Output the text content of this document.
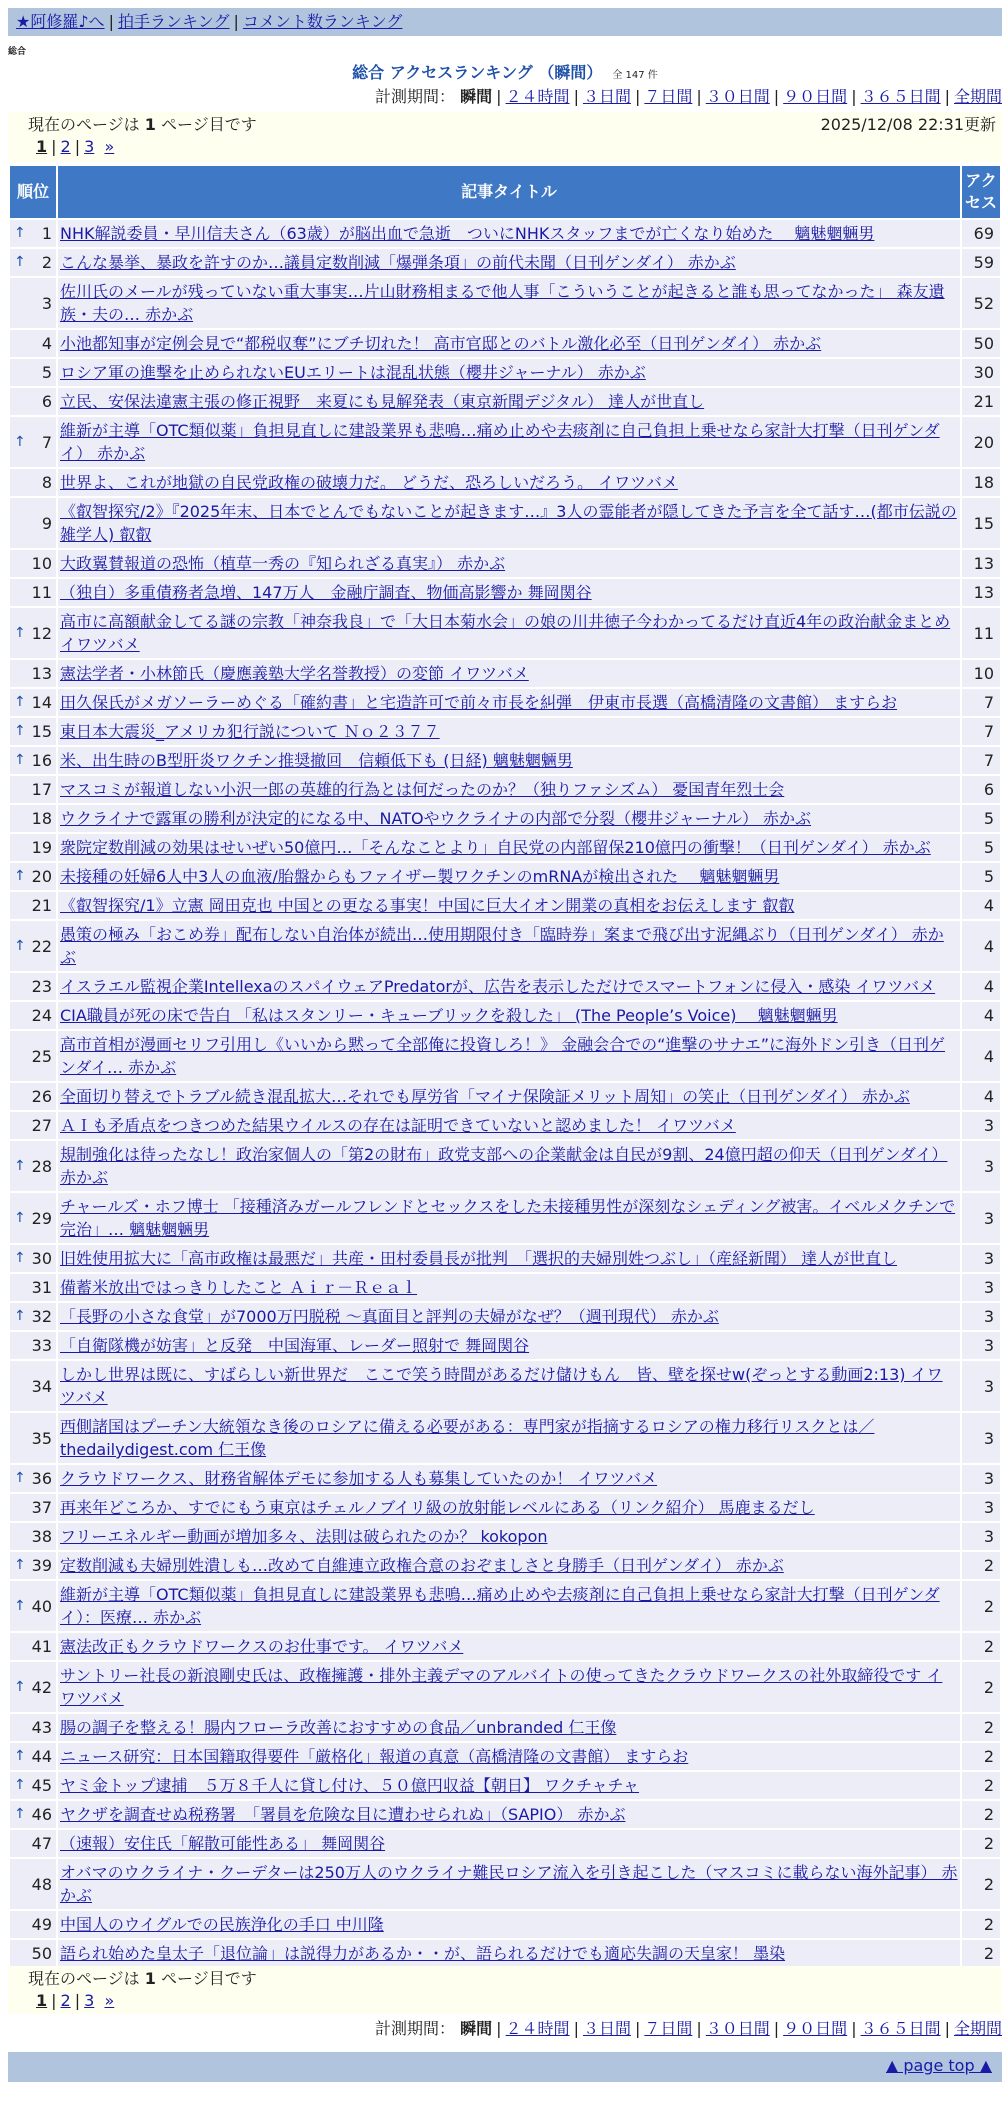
★阿修羅♪へ | 拍手ランキング | コメント数ランキング
総合
総合 アクセスランキング （瞬間） 全 147 件
計測期間： 瞬間 | ２４時間 | ３日間 | ７日間 | ３０日間 | ９０日間 | ３６５日間 | 全期間
現在のページは 1 ページ目です	2025/12/08 22:31更新
1 | 2 | 3 »
順位	記事タイトル	アクセス

↑ 1	NHK解説委員・早川信夫さん（63歳）が脳出血で急逝　ついにNHKスタッフまでが亡くなり始めた　 魑魅魍魎男	69

↑ 2	こんな暴挙、暴政を許すのか…議員定数削減「爆弾条項」の前代未聞（日刊ゲンダイ） 赤かぶ	59
3	佐川氏のメールが残っていない重大事実…片山財務相まるで他人事「こういうことが起きると誰も思ってなかった」 森友遺族・夫の… 赤かぶ	52
4	小池都知事が定例会見で“都税収奪”にブチ切れた！ 高市官邸とのバトル激化必至（日刊ゲンダイ） 赤かぶ	50
5	ロシア軍の進撃を止められないEUエリートは混乱状態（櫻井ジャーナル） 赤かぶ	30
6	立民、安保法違憲主張の修正視野　来夏にも見解発表（東京新聞デジタル） 達人が世直し	21

↑ 7	維新が主導「OTC類似薬」負担見直しに建設業界も悲鳴…痛め止めや去痰剤に自己負担上乗せなら家計大打撃（日刊ゲンダイ） 赤かぶ	20
8	世界よ、これが地獄の自民党政権の破壊力だ。 どうだ、恐ろしいだろう。 イワツバメ	18
9	《叡智探究/2》『2025年末、日本でとんでもないことが起きます…』3人の霊能者が隠してきた予言を全て話す…(都市伝説の雑学人) 叡叡	15
10	大政翼賛報道の恐怖（植草一秀の『知られざる真実』） 赤かぶ	13
11	（独自）多重債務者急増、147万人　金融庁調査、物価高影響か 舞岡関谷	13

↑ 12	高市に高額献金してる謎の宗教「神奈我良」で「大日本菊水会」の娘の川井徳子今わかってるだけ直近4年の政治献金まとめ イワツバメ	11
13	憲法学者・小林節氏（慶應義塾大学名誉教授）の変節 イワツバメ	10

↑ 14	田久保氏がメガソーラーめぐる「確約書」と宅造許可で前々市長を糾弾　伊東市長選（高橋清隆の文書館） ますらお	7

↑ 15	東日本大震災_アメリカ犯行説について Ｎｏ２３７７	7

↑ 16	米、出生時のB型肝炎ワクチン推奨撤回　信頼低下も (日経) 魑魅魍魎男	7
17	マスコミが報道しない小沢一郎の英雄的行為とは何だったのか？（独りファシズム） 憂国青年烈士会	6
18	ウクライナで露軍の勝利が決定的になる中、NATOやウクライナの内部で分裂（櫻井ジャーナル） 赤かぶ	5
19	衆院定数削減の効果はせいぜい50億円…「そんなことより」自民党の内部留保210億円の衝撃！（日刊ゲンダイ） 赤かぶ	5

↑ 20	未接種の妊婦6人中3人の血液/胎盤からもファイザー製ワクチンのmRNAが検出された　 魑魅魍魎男	5
21	《叡智探究/1》立憲 岡田克也 中国との更なる事実！中国に巨大イオン開業の真相をお伝えします 叡叡	4

↑ 22	愚策の極み「おこめ券」配布しない自治体が続出…使用期限付き「臨時券」案まで飛び出す泥縄ぶり（日刊ゲンダイ） 赤かぶ	4
23	イスラエル監視企業IntellexaのスパイウェアPredatorが、広告を表示しただけでスマートフォンに侵入・感染 イワツバメ	4
24	CIA職員が死の床で告白 「私はスタンリー・キューブリックを殺した」 (The People’s Voice)　 魑魅魍魎男	4
25	高市首相が漫画セリフ引用し《いいから黙って全部俺に投資しろ！》 金融会合での“進撃のサナエ”に海外ドン引き（日刊ゲンダイ… 赤かぶ	4
26	全面切り替えでトラブル続き混乱拡大…それでも厚労省「マイナ保険証メリット周知」の笑止（日刊ゲンダイ） 赤かぶ	4
27	ＡＩも矛盾点をつきつめた結果ウイルスの存在は証明できていないと認めました！ イワツバメ	3

↑ 28	規制強化は待ったなし！政治家個人の「第2の財布」政党支部への企業献金は自民が9割、24億円超の仰天（日刊ゲンダイ） 赤かぶ	3

↑ 29	チャールズ・ホフ博士 「接種済みガールフレンドとセックスをした未接種男性が深刻なシェディング被害。イベルメクチンで完治」… 魑魅魍魎男	3

↑ 30	旧姓使用拡大に「高市政権は最悪だ」共産・田村委員長が批判　「選択的夫婦別姓つぶし」（産経新聞） 達人が世直し	3
31	備蓄米放出ではっきりしたこと Ａｉｒ－Ｒｅａｌ	3

↑ 32	「長野の小さな食堂」が7000万円脱税 ～真面目と評判の夫婦がなぜ？（週刊現代） 赤かぶ	3
33	「自衛隊機が妨害」と反発　中国海軍、レーダー照射で 舞岡関谷	3
34	しかし世界は既に、すばらしい新世界だ　ここで笑う時間があるだけ儲けもん　皆、壁を探せw(ぞっとする動画2:13) イワツバメ	3
35	西側諸国はプーチン大統領なき後のロシアに備える必要がある：専門家が指摘するロシアの権力移行リスクとは／thedailydigest.com 仁王像	3

↑ 36	クラウドワークス、財務省解体デモに参加する人も募集していたのか！ イワツバメ	3
37	再来年どころか、すでにもう東京はチェルノブイリ級の放射能レベルにある（リンク紹介） 馬鹿まるだし	3
38	フリーエネルギー動画が増加多々、法則は破られたのか？ kokopon	3

↑ 39	定数削減も夫婦別姓潰しも…改めて自維連立政権合意のおぞましさと身勝手（日刊ゲンダイ） 赤かぶ	2

↑ 40	維新が主導「OTC類似薬」負担見直しに建設業界も悲鳴…痛め止めや去痰剤に自己負担上乗せなら家計大打撃（日刊ゲンダイ）：医療… 赤かぶ	2
41	憲法改正もクラウドワークスのお仕事です。 イワツバメ	2

↑ 42	サントリー社長の新浪剛史氏は、政権擁護・排外主義デマのアルバイトの使ってきたクラウドワークスの社外取締役です イワツバメ	2
43	腸の調子を整える！腸内フローラ改善におすすめの食品／unbranded 仁王像	2

↑ 44	ニュース研究：日本国籍取得要件「厳格化」報道の真意（高橋清隆の文書館） ますらお	2

↑ 45	ヤミ金トップ逮捕　５万８千人に貸し付け、５０億円収益【朝日】 ワクチャチャ	2

↑ 46	ヤクザを調査せぬ税務署　「署員を危険な目に遭わせられぬ」（SAPIO） 赤かぶ	2
47	（速報）安住氏「解散可能性ある」 舞岡関谷	2
48	オバマのウクライナ・クーデターは250万人のウクライナ難民ロシア流入を引き起こした（マスコミに載らない海外記事） 赤かぶ	2
49	中国人のウイグルでの民族浄化の手口 中川隆	2
50	語られ始めた皇太子「退位論」は説得力があるか・・が、語られるだけでも適応失調の天皇家！ 墨染	2
現在のページは 1 ページ目です
1 | 2 | 3 »
計測期間： 瞬間 | ２４時間 | ３日間 | ７日間 | ３０日間 | ９０日間 | ３６５日間 | 全期間
▲ page top ▲
